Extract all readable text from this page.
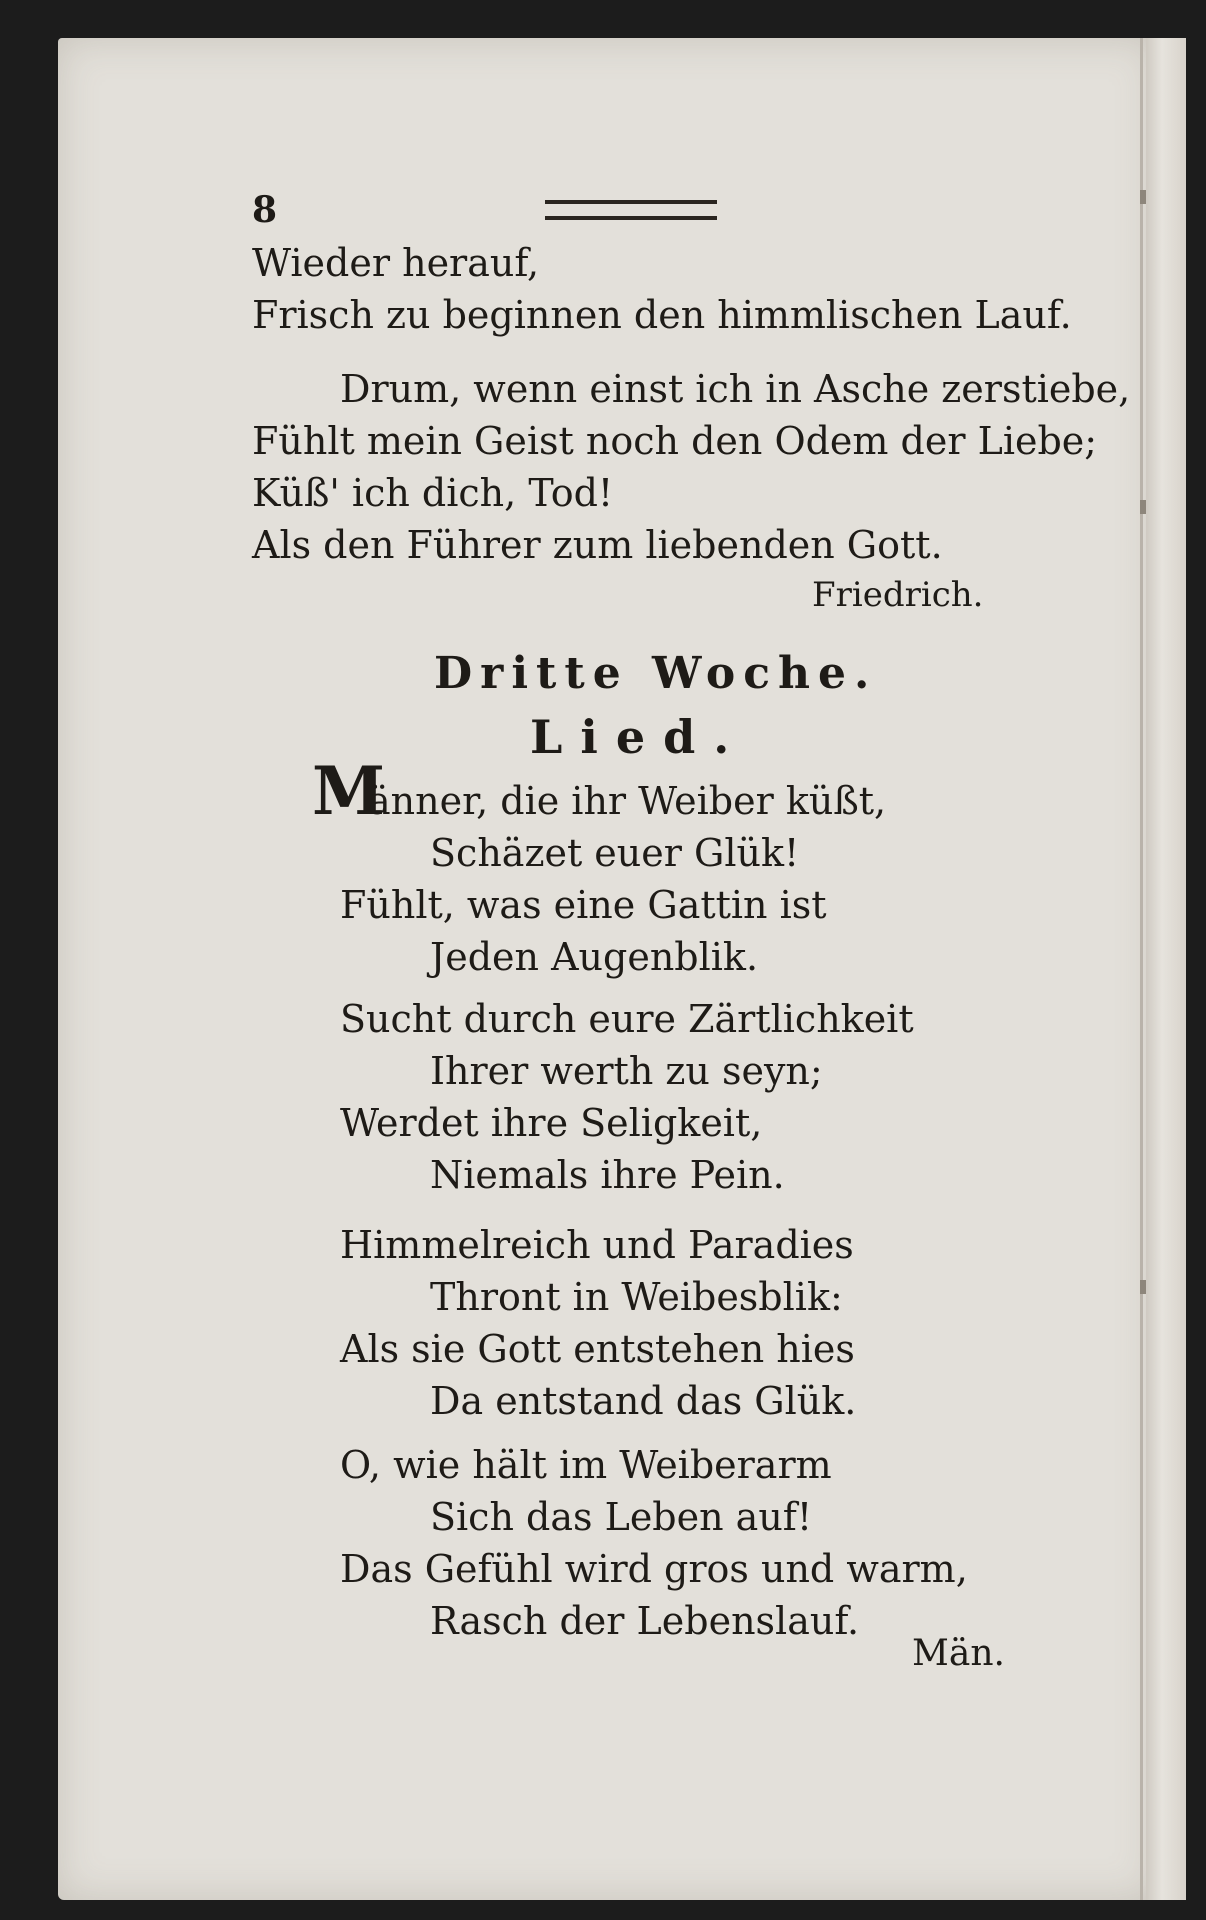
8
Wieder herauf,
Frisch zu beginnen den himmlischen Lauf.
Drum, wenn einst ich in Asche zerstiebe,
Fühlt mein Geist noch den Odem der Liebe;
Küß' ich dich, Tod!
Als den Führer zum liebenden Gott.
Friedrich.
Dritte Woche.
Lied.
M
änner, die ihr Weiber küßt,
Schäzet euer Glük!
Fühlt, was eine Gattin ist
Jeden Augenblik.
Sucht durch eure Zärtlichkeit
Ihrer werth zu seyn;
Werdet ihre Seligkeit,
Niemals ihre Pein.
Himmelreich und Paradies
Thront in Weibesblik:
Als sie Gott entstehen hies
Da entstand das Glük.
O, wie hält im Weiberarm
Sich das Leben auf!
Das Gefühl wird gros und warm,
Rasch der Lebenslauf.
Män.
